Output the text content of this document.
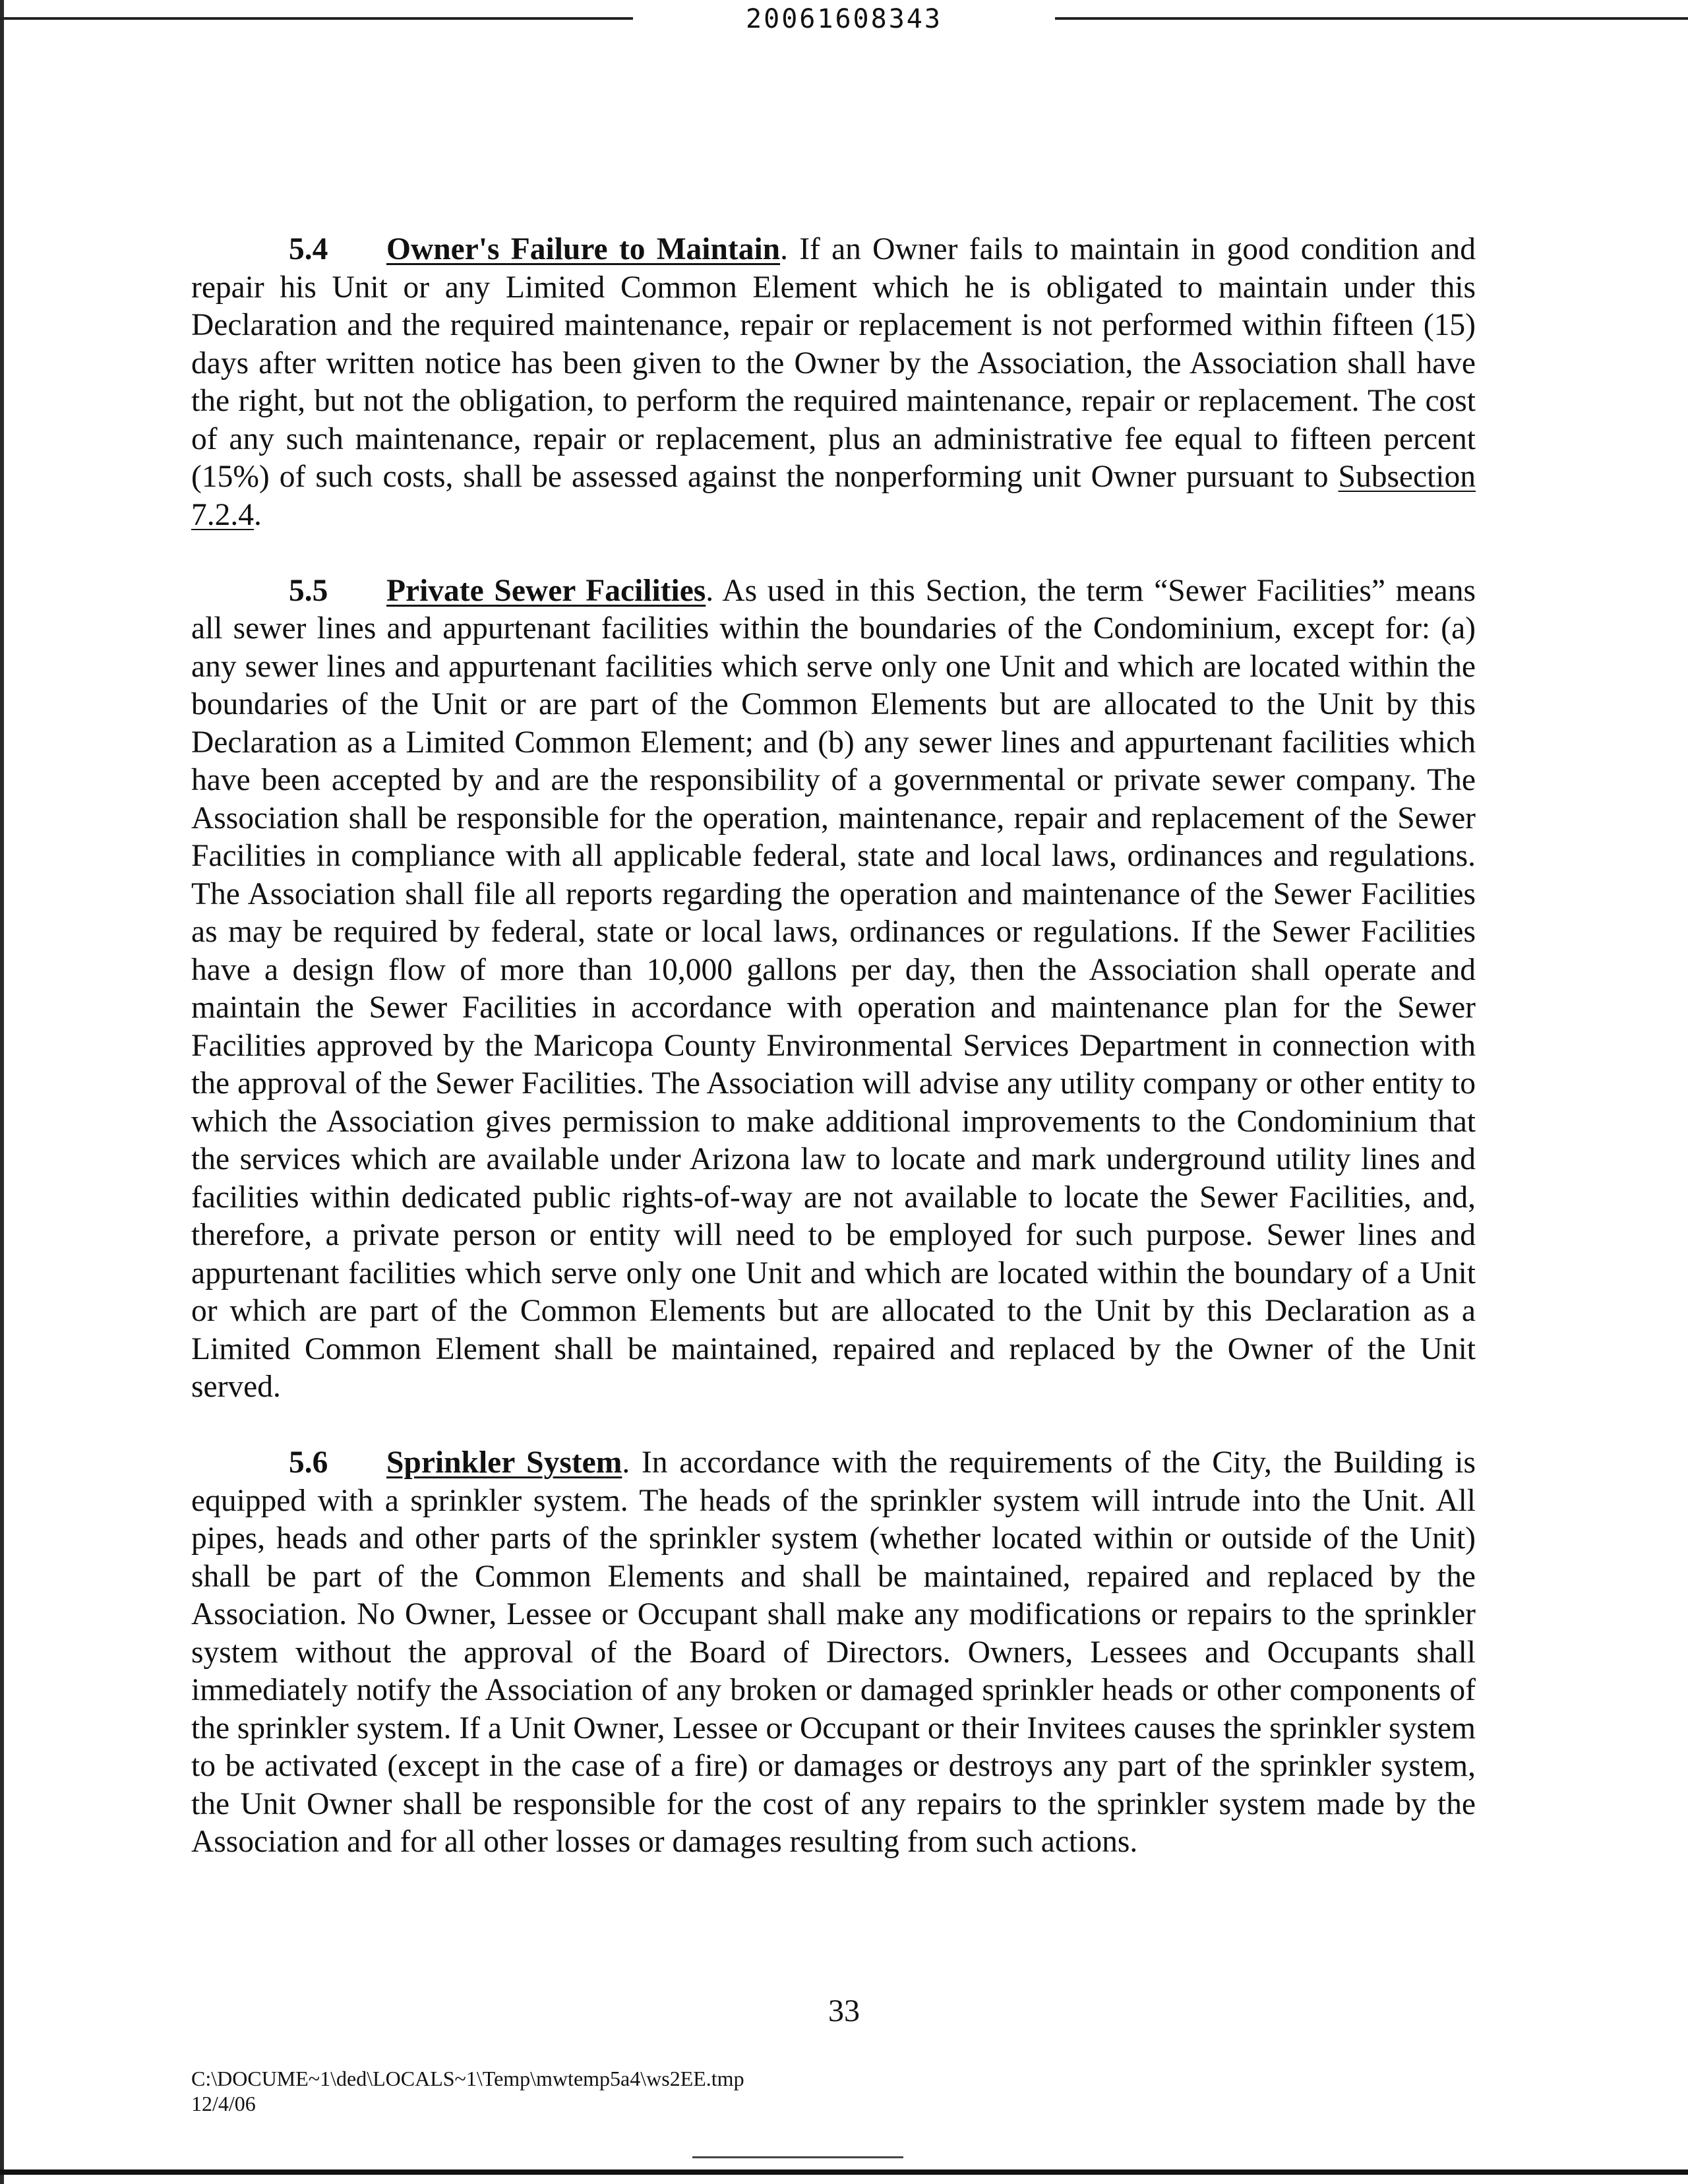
20061608343

5.4 Owner's Failure to Maintain. If an Owner fails to maintain in good condition and repair his Unit or any Limited Common Element which he is obligated to maintain under this Declaration and the required maintenance, repair or replacement is not performed within fifteen (15) days after written notice has been given to the Owner by the Association, the Association shall have the right, but not the obligation, to perform the required maintenance, repair or replacement. The cost of any such maintenance, repair or replacement, plus an administrative fee equal to fifteen percent (15%) of such costs, shall be assessed against the nonperforming unit Owner pursuant to Subsection 7.2.4.

5.5 Private Sewer Facilities. As used in this Section, the term “Sewer Facilities” means all sewer lines and appurtenant facilities within the boundaries of the Condominium, except for: (a) any sewer lines and appurtenant facilities which serve only one Unit and which are located within the boundaries of the Unit or are part of the Common Elements but are allocated to the Unit by this Declaration as a Limited Common Element; and (b) any sewer lines and appurtenant facilities which have been accepted by and are the responsibility of a governmental or private sewer company. The Association shall be responsible for the operation, maintenance, repair and replacement of the Sewer Facilities in compliance with all applicable federal, state and local laws, ordinances and regulations. The Association shall file all reports regarding the operation and maintenance of the Sewer Facilities as may be required by federal, state or local laws, ordinances or regulations. If the Sewer Facilities have a design flow of more than 10,000 gallons per day, then the Association shall operate and maintain the Sewer Facilities in accordance with operation and maintenance plan for the Sewer Facilities approved by the Maricopa County Environmental Services Department in connection with the approval of the Sewer Facilities. The Association will advise any utility company or other entity to which the Association gives permission to make additional improvements to the Condominium that the services which are available under Arizona law to locate and mark underground utility lines and facilities within dedicated public rights-of-way are not available to locate the Sewer Facilities, and, therefore, a private person or entity will need to be employed for such purpose. Sewer lines and appurtenant facilities which serve only one Unit and which are located within the boundary of a Unit or which are part of the Common Elements but are allocated to the Unit by this Declaration as a Limited Common Element shall be maintained, repaired and replaced by the Owner of the Unit served.

5.6 Sprinkler System. In accordance with the requirements of the City, the Building is equipped with a sprinkler system. The heads of the sprinkler system will intrude into the Unit. All pipes, heads and other parts of the sprinkler system (whether located within or outside of the Unit) shall be part of the Common Elements and shall be maintained, repaired and replaced by the Association. No Owner, Lessee or Occupant shall make any modifications or repairs to the sprinkler system without the approval of the Board of Directors. Owners, Lessees and Occupants shall immediately notify the Association of any broken or damaged sprinkler heads or other components of the sprinkler system. If a Unit Owner, Lessee or Occupant or their Invitees causes the sprinkler system to be activated (except in the case of a fire) or damages or destroys any part of the sprinkler system, the Unit Owner shall be responsible for the cost of any repairs to the sprinkler system made by the Association and for all other losses or damages resulting from such actions.

33
C:\DOCUME~1\ded\LOCALS~1\Temp\mwtemp5a4\ws2EE.tmp
12/4/06
